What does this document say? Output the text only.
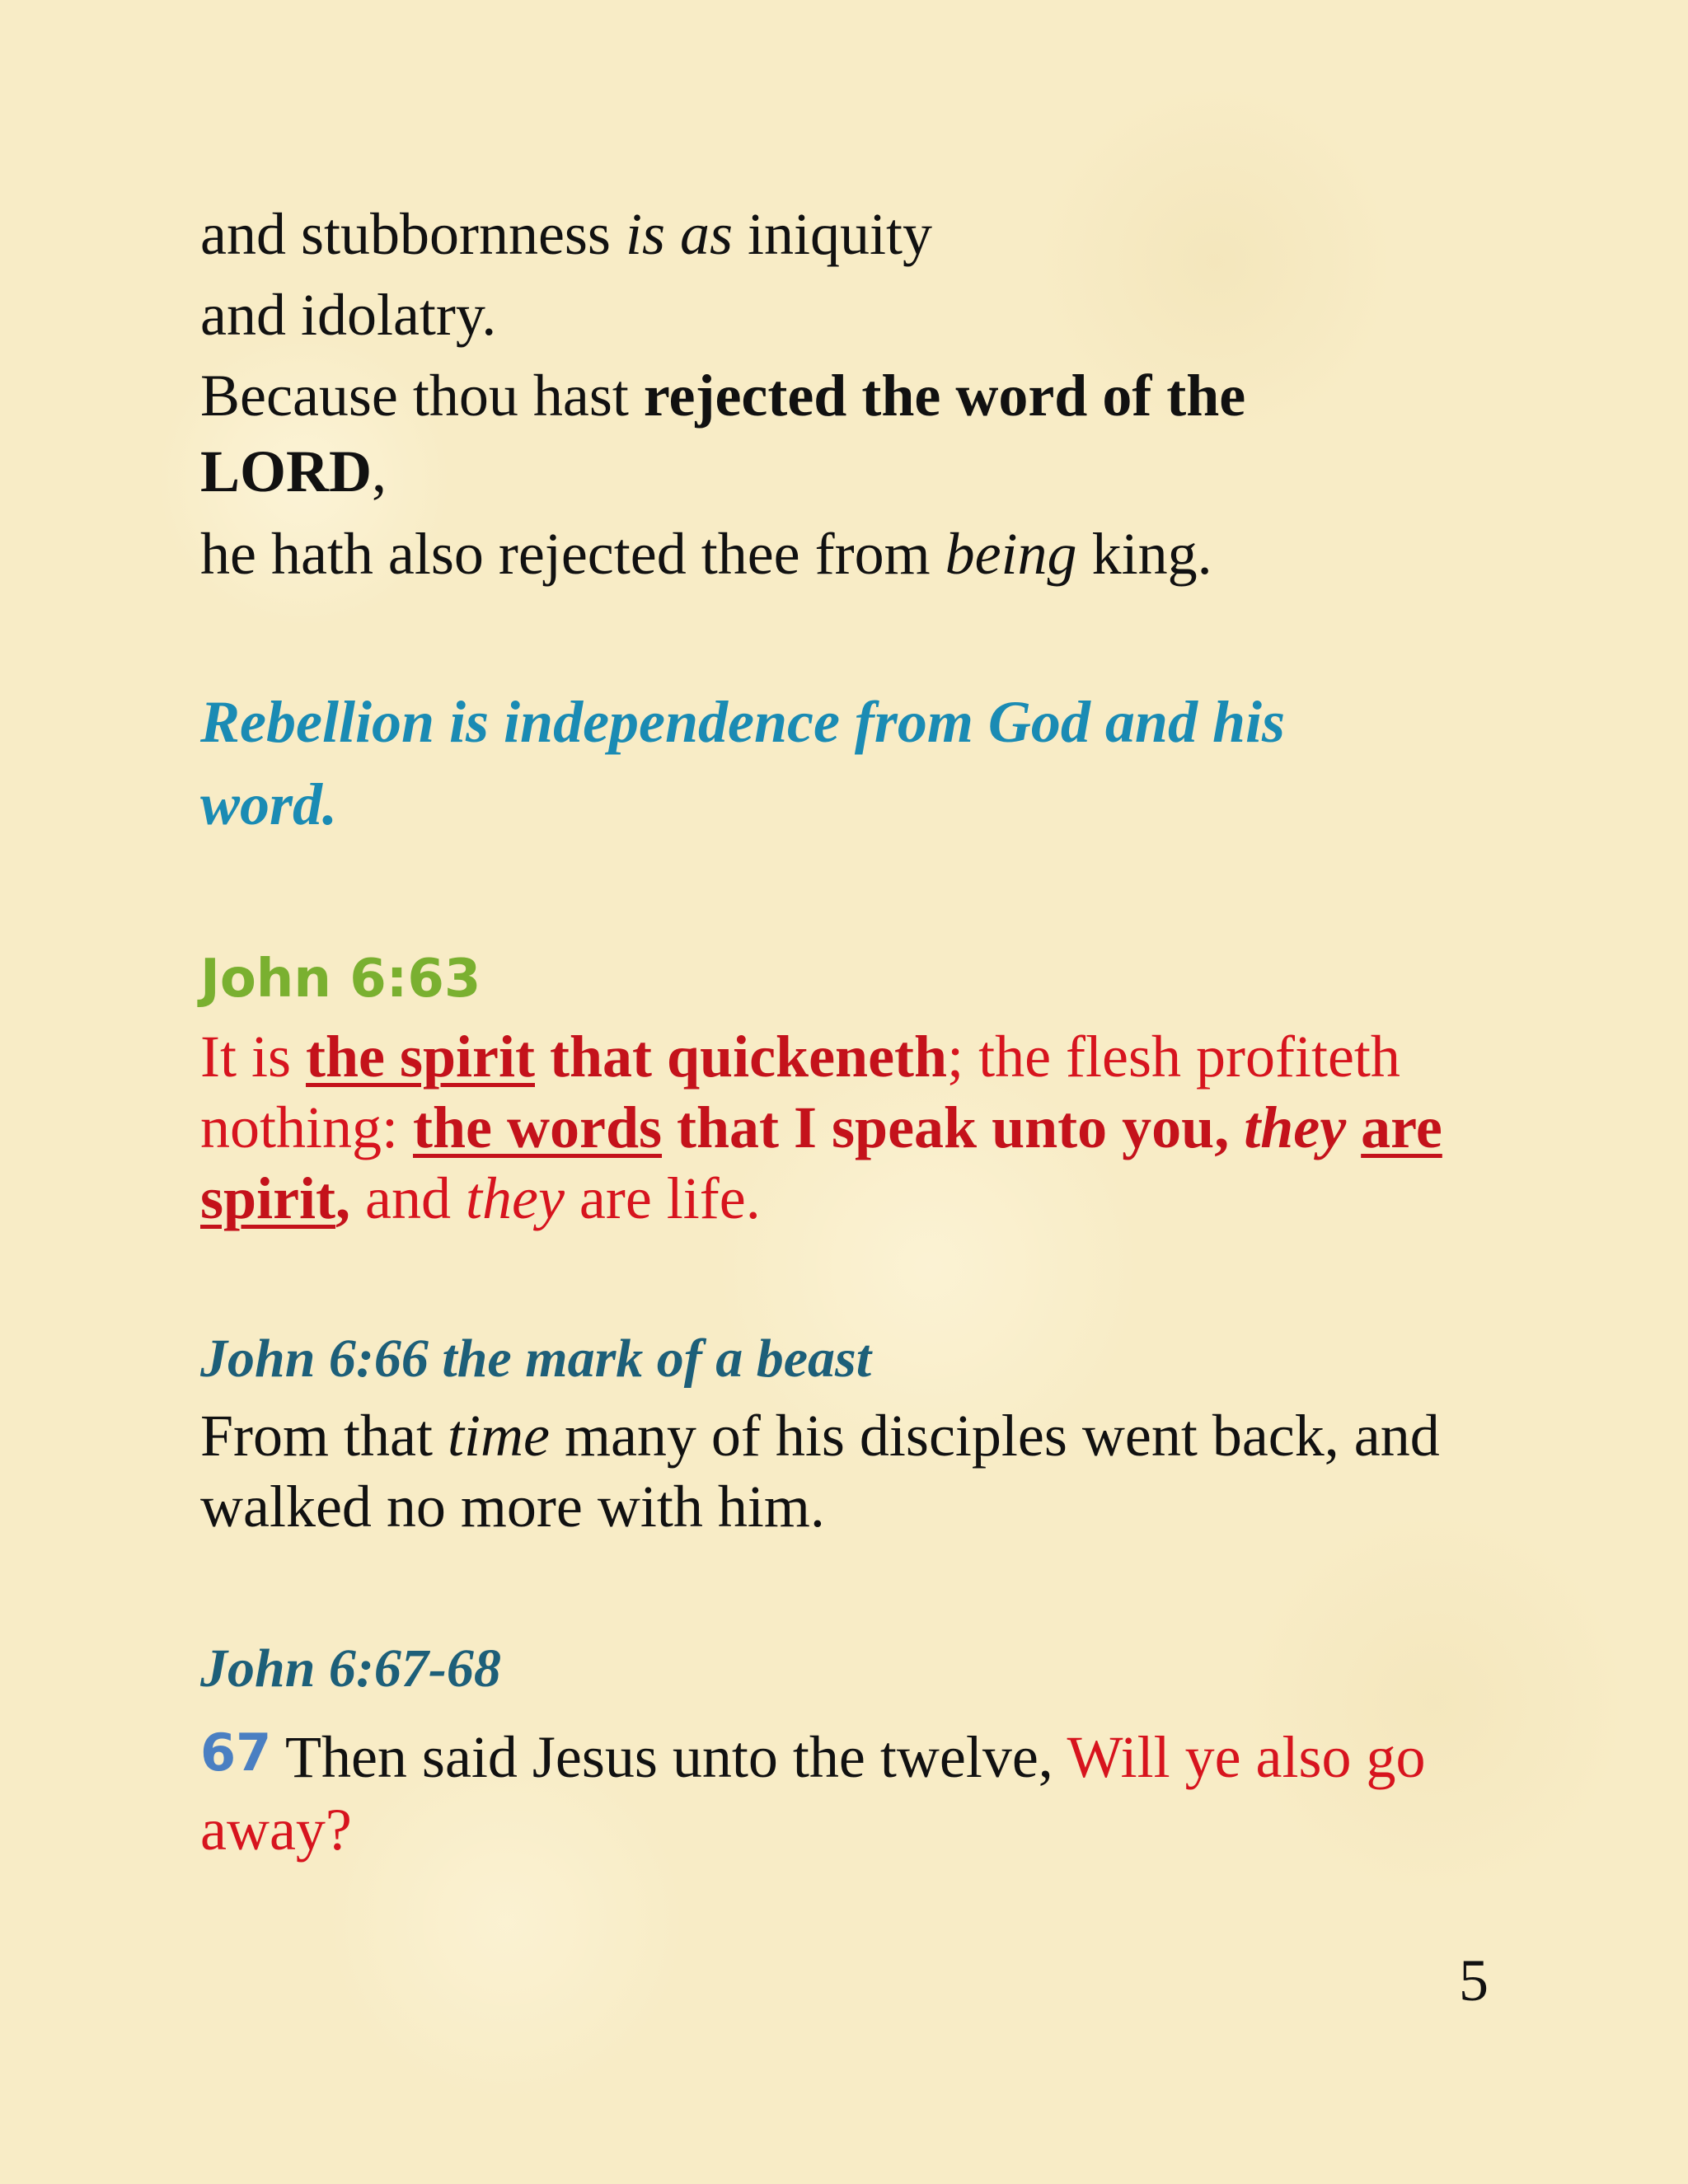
and stubbornness is as iniquity

and idolatry.

Because thou hast rejected the word of the

LORD,

he hath also rejected thee from being king.

Rebellion is independence from God and his

word.

John 6:63

It is the spirit that quickeneth; the flesh profiteth

nothing: the words that I speak unto you, they are

spirit, and they are life.

John 6:66 the mark of a beast

From that time many of his disciples went back, and

walked no more with him.

John 6:67-68

67 Then said Jesus unto the twelve, Will ye also go

away?

5
